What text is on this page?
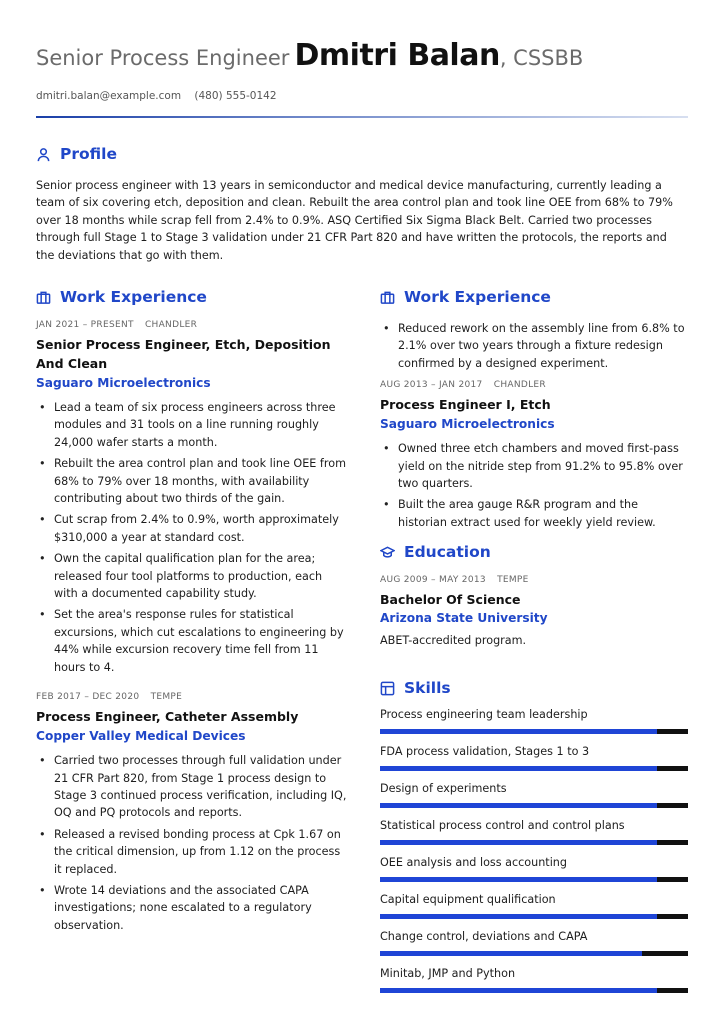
Senior Process Engineer Dmitri Balan, CSSBB
dmitri.balan@example.com (480) 555-0142
Profile

Senior process engineer with 13 years in semiconductor and medical device manufacturing, currently leading a team of six covering etch, deposition and clean. Rebuilt the area control plan and took line OEE from 68% to 79% over 18 months while scrap fell from 2.4% to 0.9%. ASQ Certified Six Sigma Black Belt. Carried two processes through full Stage 1 to Stage 3 validation under 21 CFR Part 820 and have written the protocols, the reports and the deviations that go with them.

Work Experience
JAN 2021 – PRESENT CHANDLER
Senior Process Engineer, Etch, Deposition And Clean
Saguaro Microelectronics
• Lead a team of six process engineers across three modules and 31 tools on a line running roughly 24,000 wafer starts a month.
• Rebuilt the area control plan and took line OEE from 68% to 79% over 18 months, with availability contributing about two thirds of the gain.
• Cut scrap from 2.4% to 0.9%, worth approximately $310,000 a year at standard cost.
• Own the capital qualification plan for the area; released four tool platforms to production, each with a documented capability study.
• Set the area's response rules for statistical excursions, which cut escalations to engineering by 44% while excursion recovery time fell from 11 hours to 4.
FEB 2017 – DEC 2020 TEMPE
Process Engineer, Catheter Assembly
Copper Valley Medical Devices
• Carried two processes through full validation under 21 CFR Part 820, from Stage 1 process design to Stage 3 continued process verification, including IQ, OQ and PQ protocols and reports.
• Released a revised bonding process at Cpk 1.67 on the critical dimension, up from 1.12 on the process it replaced.
• Wrote 14 deviations and the associated CAPA investigations; none escalated to a regulatory observation.
Work Experience
• Reduced rework on the assembly line from 6.8% to 2.1% over two years through a fixture redesign confirmed by a designed experiment.
AUG 2013 – JAN 2017 CHANDLER
Process Engineer I, Etch
Saguaro Microelectronics
• Owned three etch chambers and moved first-pass yield on the nitride step from 91.2% to 95.8% over two quarters.
• Built the area gauge R&R program and the historian extract used for weekly yield review.
Education
AUG 2009 – MAY 2013 TEMPE
Bachelor Of Science
Arizona State University
ABET-accredited program.
Skills
Process engineering team leadership
FDA process validation, Stages 1 to 3
Design of experiments
Statistical process control and control plans
OEE analysis and loss accounting
Capital equipment qualification
Change control, deviations and CAPA
Minitab, JMP and Python
